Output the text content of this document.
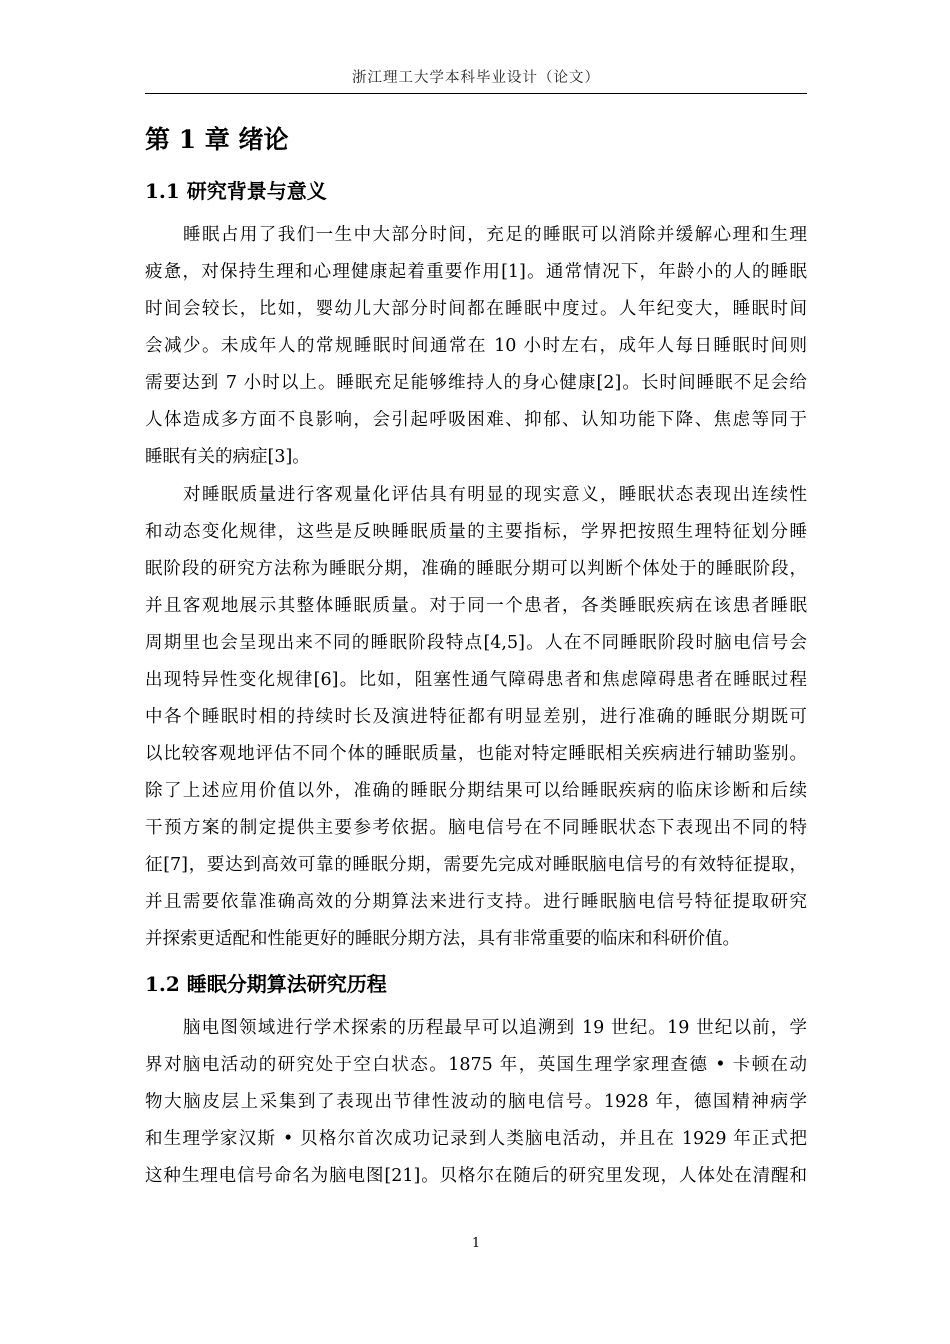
浙江理工大学本科毕业设计（论文）
第 1 章 绪论
1.1 研究背景与意义
睡眠占用了我们一生中大部分时间，充足的睡眠可以消除并缓解心理和生理
疲惫，对保持生理和心理健康起着重要作用[1]。通常情况下，年龄小的人的睡眠
时间会较长，比如，婴幼儿大部分时间都在睡眠中度过。人年纪变大，睡眠时间
会减少。未成年人的常规睡眠时间通常在 10 小时左右，成年人每日睡眠时间则
需要达到 7 小时以上。睡眠充足能够维持人的身心健康[2]。长时间睡眠不足会给
人体造成多方面不良影响，会引起呼吸困难、抑郁、认知功能下降、焦虑等同于
睡眠有关的病症[3]。
对睡眠质量进行客观量化评估具有明显的现实意义，睡眠状态表现出连续性
和动态变化规律，这些是反映睡眠质量的主要指标，学界把按照生理特征划分睡
眠阶段的研究方法称为睡眠分期，准确的睡眠分期可以判断个体处于的睡眠阶段，
并且客观地展示其整体睡眠质量。对于同一个患者，各类睡眠疾病在该患者睡眠
周期里也会呈现出来不同的睡眠阶段特点[4,5]。人在不同睡眠阶段时脑电信号会
出现特异性变化规律[6]。比如，阻塞性通气障碍患者和焦虑障碍患者在睡眠过程
中各个睡眠时相的持续时长及演进特征都有明显差别，进行准确的睡眠分期既可
以比较客观地评估不同个体的睡眠质量，也能对特定睡眠相关疾病进行辅助鉴别。
除了上述应用价值以外，准确的睡眠分期结果可以给睡眠疾病的临床诊断和后续
干预方案的制定提供主要参考依据。脑电信号在不同睡眠状态下表现出不同的特
征[7]，要达到高效可靠的睡眠分期，需要先完成对睡眠脑电信号的有效特征提取，
并且需要依靠准确高效的分期算法来进行支持。进行睡眠脑电信号特征提取研究
并探索更适配和性能更好的睡眠分期方法，具有非常重要的临床和科研价值。
1.2 睡眠分期算法研究历程
脑电图领域进行学术探索的历程最早可以追溯到 19 世纪。19 世纪以前，学
界对脑电活动的研究处于空白状态。1875 年，英国生理学家理查德 • 卡顿在动
物大脑皮层上采集到了表现出节律性波动的脑电信号。1928 年，德国精神病学
和生理学家汉斯 • 贝格尔首次成功记录到人类脑电活动，并且在 1929 年正式把
这种生理电信号命名为脑电图[21]。贝格尔在随后的研究里发现，人体处在清醒和
1
